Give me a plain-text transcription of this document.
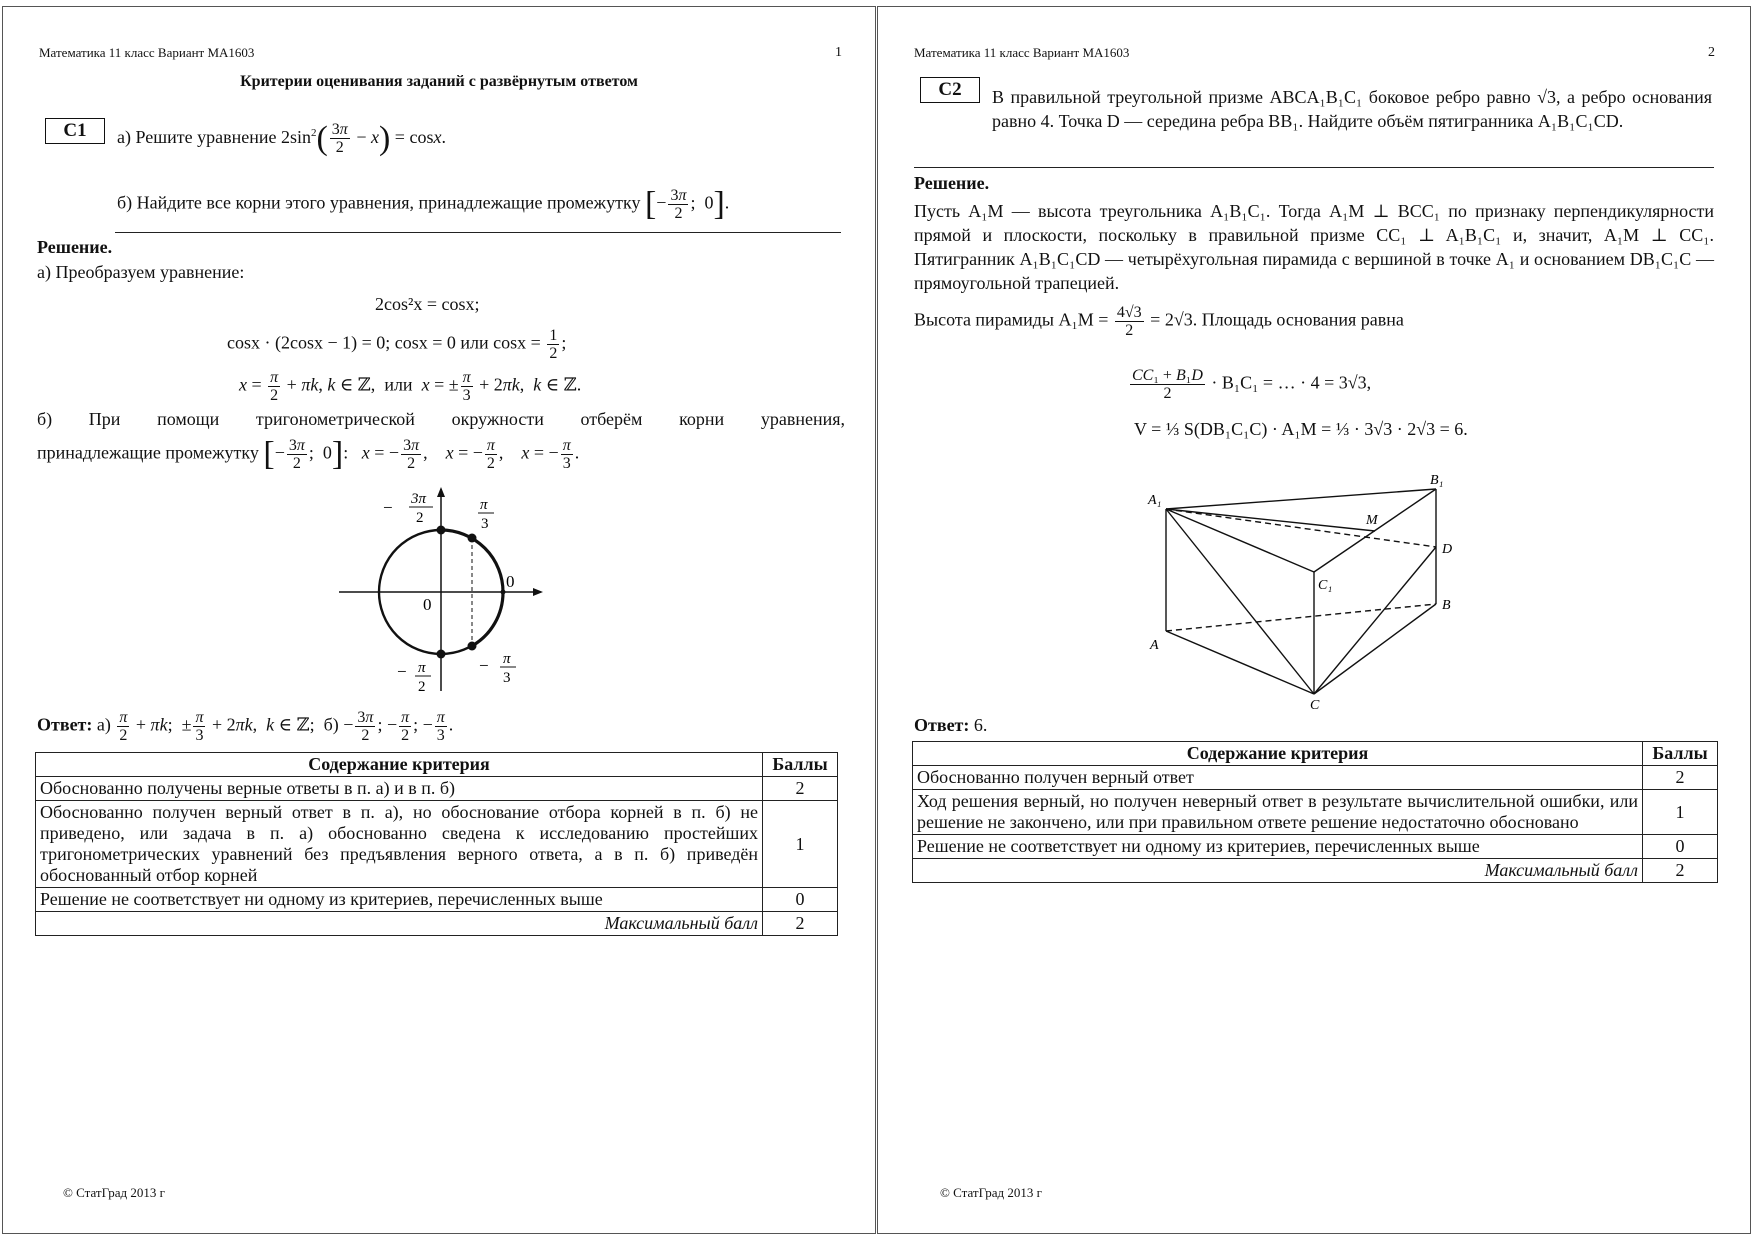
Математика 11 класс Вариант МА1603	1
Критерии оценивания заданий с развёрнутым ответом
С1	а) Решите уравнение $2\sin^2( \frac{3\pi}{2} - x) = \cos x$.
б) Найдите все корни этого уравнения, принадлежащие промежутку [− $\frac{3\pi}{2}$ ;  0].
Решение.
а) Преобразуем уравнение:
2cos²x = cosx;
cosx · (2cosx − 1) = 0; cosx = 0 или $\cos x = \frac{1}{2}$ ;
$x = \frac{\pi}{2} + \pi k$, k ∈ ℤ,  или x = ± $\frac{\pi}{3} + 2\pi k$,  k ∈ ℤ.
б) При помощи тригонометрической окружности отберём корни уравнения,
принадлежащие промежутку [− $\frac{3\pi}{2}$ ;  0]:   x = − $\frac{3\pi}{2}$ ,    x = − $\frac{\pi}{2}$ ,    x = − $\frac{\pi}{3}$ .
0
0
− 3π
2
π
3
− π
2
− π
3
Ответ: $а) \frac{\pi}{2} + \pi k$;  ± $\frac{\pi}{3} + 2\pi k$,  k ∈ ℤ;  $б) - \frac{3\pi}{2}$ ; − $\frac{\pi}{2}$ ; − $\frac{\pi}{3}$ .
Содержание критерия	Баллы
Обоснованно получены верные ответы в п. а) и в п. б)	2
Обоснованно получен верный ответ в п. а), но обоснование отбора корней в п. б) не приведено, или задача в п. а) обоснованно сведена к исследованию простейших тригонометрических уравнений без предъявления верного ответа, а в п. б) приведён обоснованный отбор корней	1
Решение не соответствует ни одному из критериев, перечисленных выше	0
Максимальный балл	2
© СтатГрад 2013 г
Математика 11 класс Вариант МА1603	2
С2	В правильной треугольной призме ABCA₁B₁C₁ боковое ребро равно √3, а ребро основания равно 4. Точка D — середина ребра BB₁. Найдите объём пятигранника A₁B₁C₁CD.
Решение.
Пусть A₁M — высота треугольника A₁B₁C₁. Тогда A₁M ⊥ BCC₁ по признаку перпендикулярности прямой и плоскости, поскольку в правильной призме CC₁ ⊥ A₁B₁C₁ и, значит, A₁M ⊥ CC₁. Пятигранник A₁B₁C₁CD — четырёхугольная пирамида с вершиной в точке A₁ и основанием DB₁C₁C — прямоугольной трапецией.
Высота пирамиды $A_1M = \frac{4√3}{2} = 2√3$. Площадь основания равна
$\frac{\text{CC₁ + B₁D}}{2} \cdot B_1C_1$ = … · 4 = 3√3,
V = ⅓ S(DB₁C₁C) · A₁M = ⅓ · 3√3 · 2√3 = 6.
A₁
B₁
C₁
A
B
C
M
D
Ответ: 6.
Содержание критерия	Баллы
Обоснованно получен верный ответ	2
Ход решения верный, но получен неверный ответ в результате вычислительной ошибки, или решение не закончено, или при правильном ответе решение недостаточно обосновано	1
Решение не соответствует ни одному из критериев, перечисленных выше	0
Максимальный балл	2
© СтатГрад 2013 г
